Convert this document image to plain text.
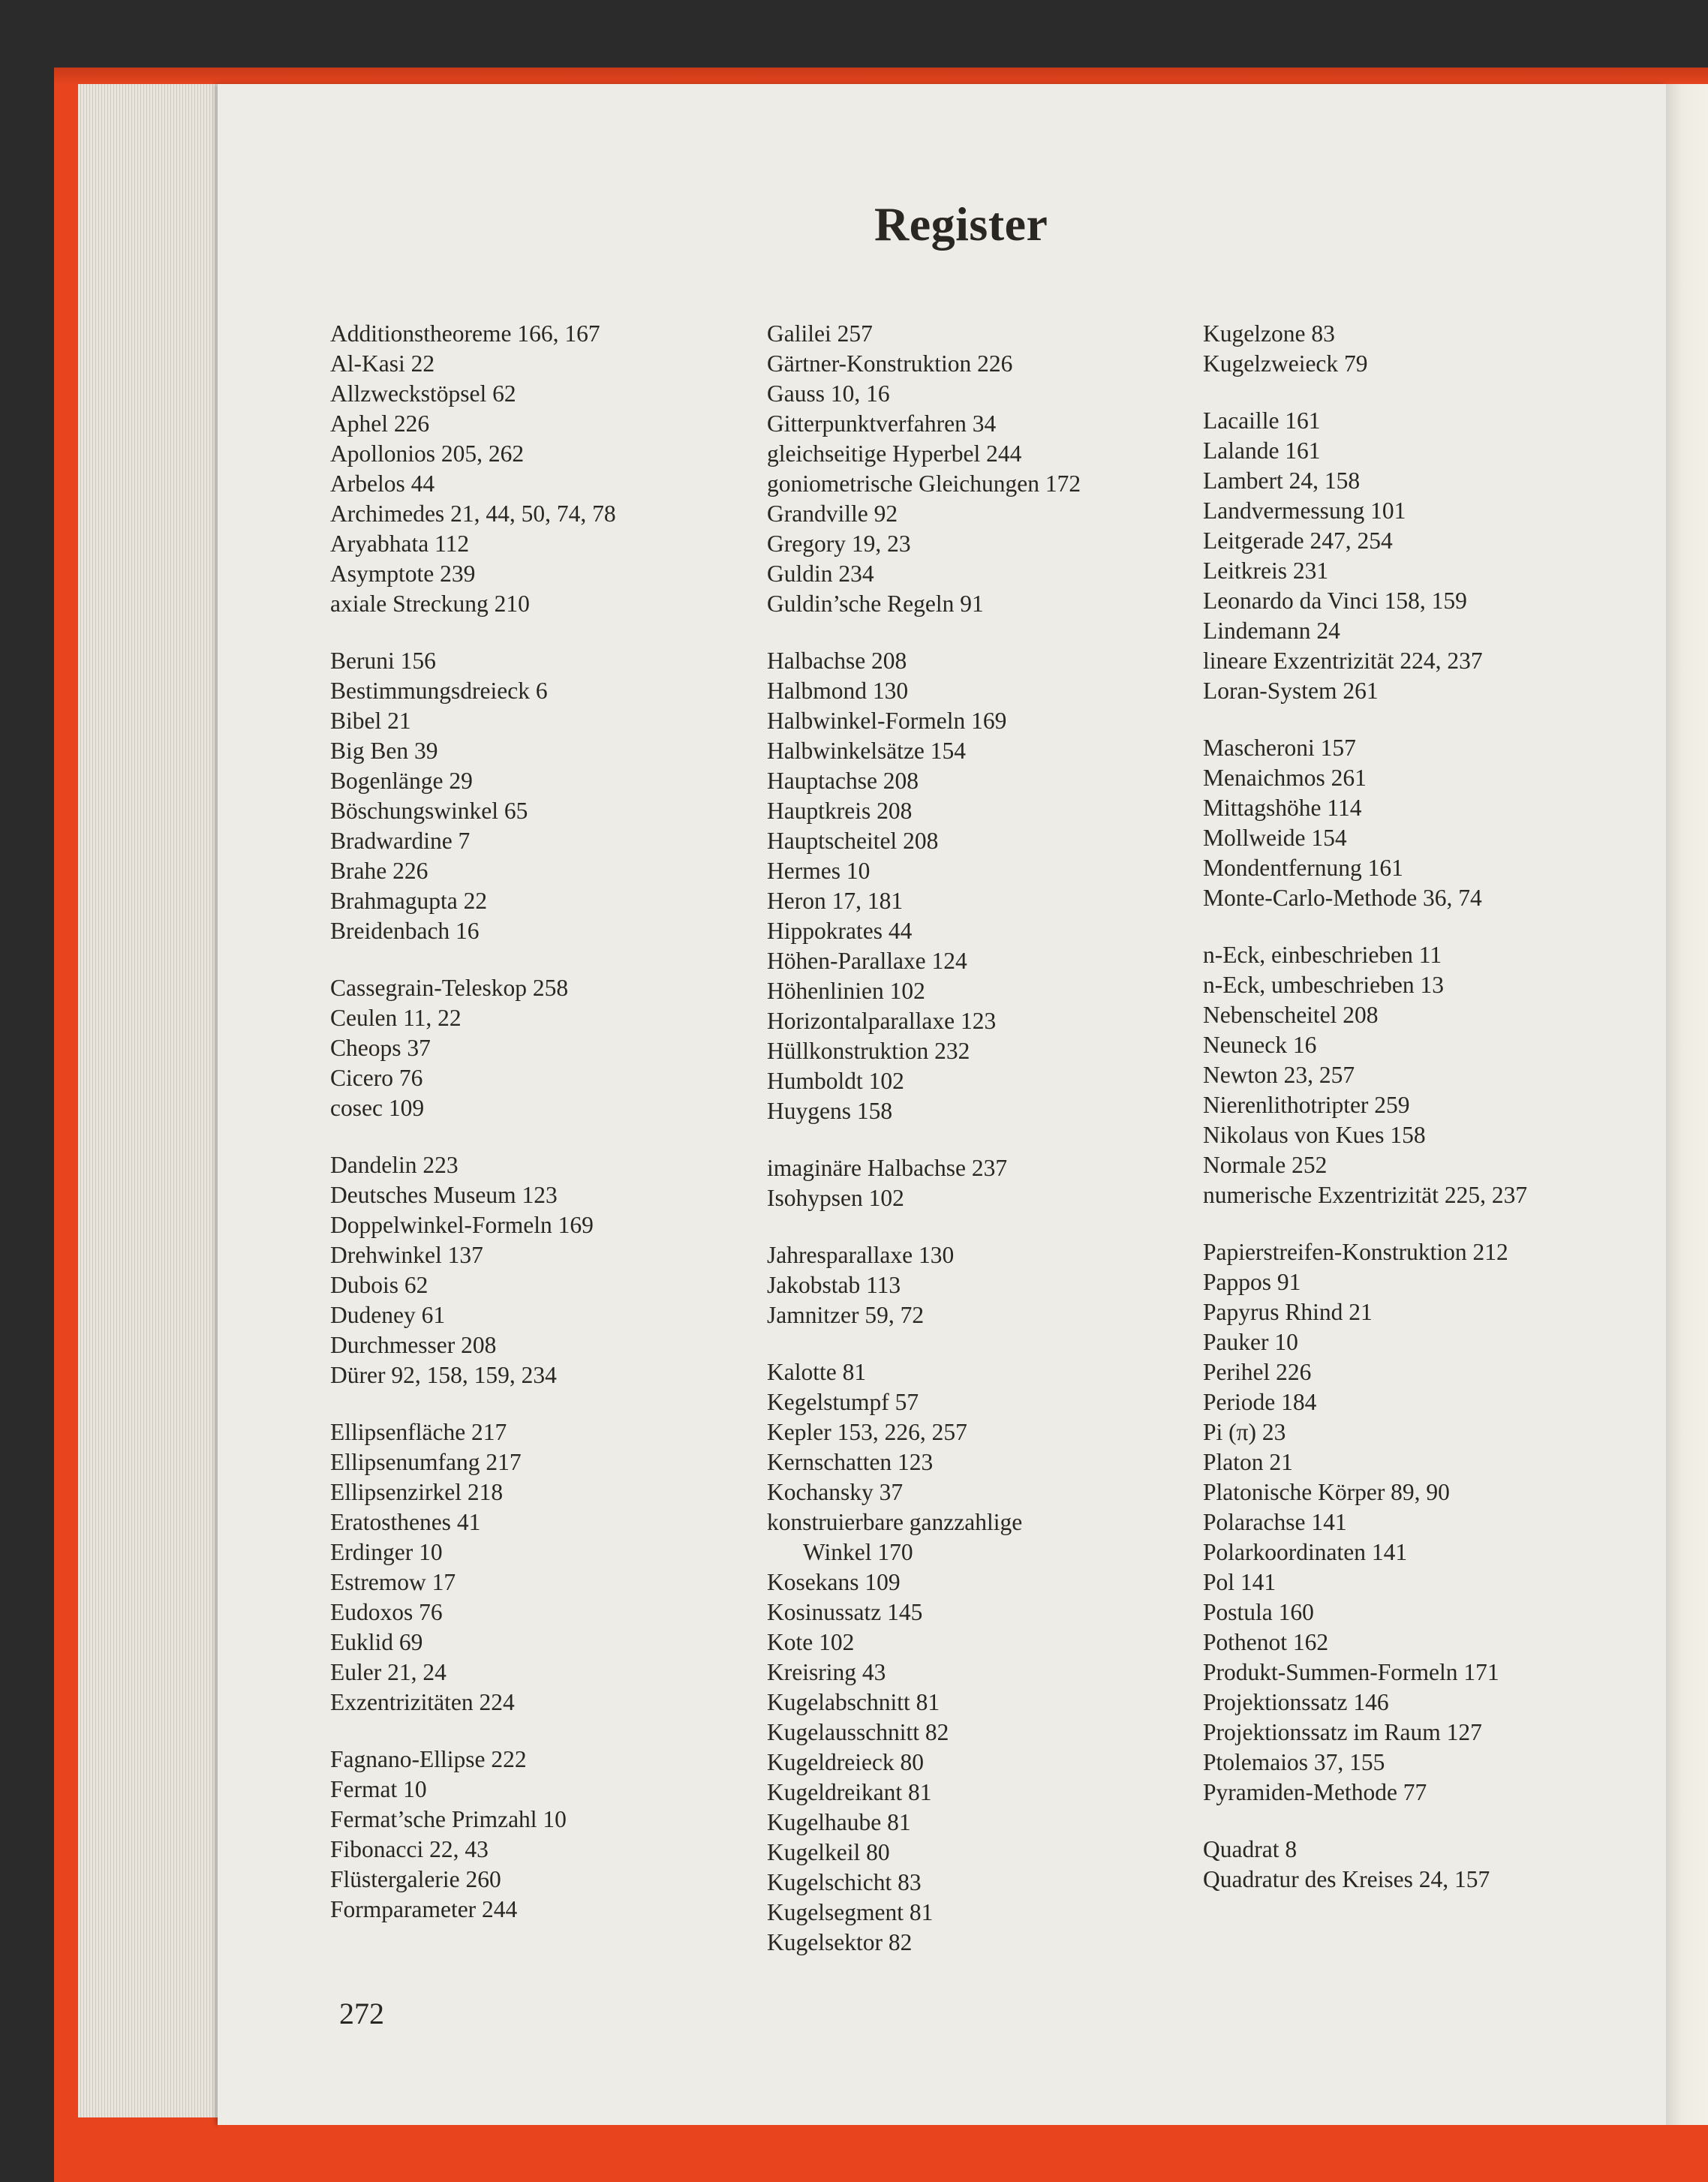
Register
Additionstheoreme 166, 167
Al-Kasi 22
Allzweckstöpsel 62
Aphel 226
Apollonios 205, 262
Arbelos 44
Archimedes 21, 44, 50, 74, 78
Aryabhata 112
Asymptote 239
axiale Streckung 210
Beruni 156
Bestimmungsdreieck 6
Bibel 21
Big Ben 39
Bogenlänge 29
Böschungswinkel 65
Bradwardine 7
Brahe 226
Brahmagupta 22
Breidenbach 16
Cassegrain-Teleskop 258
Ceulen 11, 22
Cheops 37
Cicero 76
cosec 109
Dandelin 223
Deutsches Museum 123
Doppelwinkel-Formeln 169
Drehwinkel 137
Dubois 62
Dudeney 61
Durchmesser 208
Dürer 92, 158, 159, 234
Ellipsenfläche 217
Ellipsenumfang 217
Ellipsenzirkel 218
Eratosthenes 41
Erdinger 10
Estremow 17
Eudoxos 76
Euklid 69
Euler 21, 24
Exzentrizitäten 224
Fagnano-Ellipse 222
Fermat 10
Fermat’sche Primzahl 10
Fibonacci 22, 43
Flüstergalerie 260
Formparameter 244
Galilei 257
Gärtner-Konstruktion 226
Gauss 10, 16
Gitterpunktverfahren 34
gleichseitige Hyperbel 244
goniometrische Gleichungen 172
Grandville 92
Gregory 19, 23
Guldin 234
Guldin’sche Regeln 91
Halbachse 208
Halbmond 130
Halbwinkel-Formeln 169
Halbwinkelsätze 154
Hauptachse 208
Hauptkreis 208
Hauptscheitel 208
Hermes 10
Heron 17, 181
Hippokrates 44
Höhen-Parallaxe 124
Höhenlinien 102
Horizontalparallaxe 123
Hüllkonstruktion 232
Humboldt 102
Huygens 158
imaginäre Halbachse 237
Isohypsen 102
Jahresparallaxe 130
Jakobstab 113
Jamnitzer 59, 72
Kalotte 81
Kegelstumpf 57
Kepler 153, 226, 257
Kernschatten 123
Kochansky 37
konstruierbare ganzzahlige
Winkel 170
Kosekans 109
Kosinussatz 145
Kote 102
Kreisring 43
Kugelabschnitt 81
Kugelausschnitt 82
Kugeldreieck 80
Kugeldreikant 81
Kugelhaube 81
Kugelkeil 80
Kugelschicht 83
Kugelsegment 81
Kugelsektor 82
Kugelzone 83
Kugelzweieck 79
Lacaille 161
Lalande 161
Lambert 24, 158
Landvermessung 101
Leitgerade 247, 254
Leitkreis 231
Leonardo da Vinci 158, 159
Lindemann 24
lineare Exzentrizität 224, 237
Loran-System 261
Mascheroni 157
Menaichmos 261
Mittagshöhe 114
Mollweide 154
Mondentfernung 161
Monte-Carlo-Methode 36, 74
n-Eck, einbeschrieben 11
n-Eck, umbeschrieben 13
Nebenscheitel 208
Neuneck 16
Newton 23, 257
Nierenlithotripter 259
Nikolaus von Kues 158
Normale 252
numerische Exzentrizität 225, 237
Papierstreifen-Konstruktion 212
Pappos 91
Papyrus Rhind 21
Pauker 10
Perihel 226
Periode 184
Pi (π) 23
Platon 21
Platonische Körper 89, 90
Polarachse 141
Polarkoordinaten 141
Pol 141
Postula 160
Pothenot 162
Produkt-Summen-Formeln 171
Projektionssatz 146
Projektionssatz im Raum 127
Ptolemaios 37, 155
Pyramiden-Methode 77
Quadrat 8
Quadratur des Kreises 24, 157
272
